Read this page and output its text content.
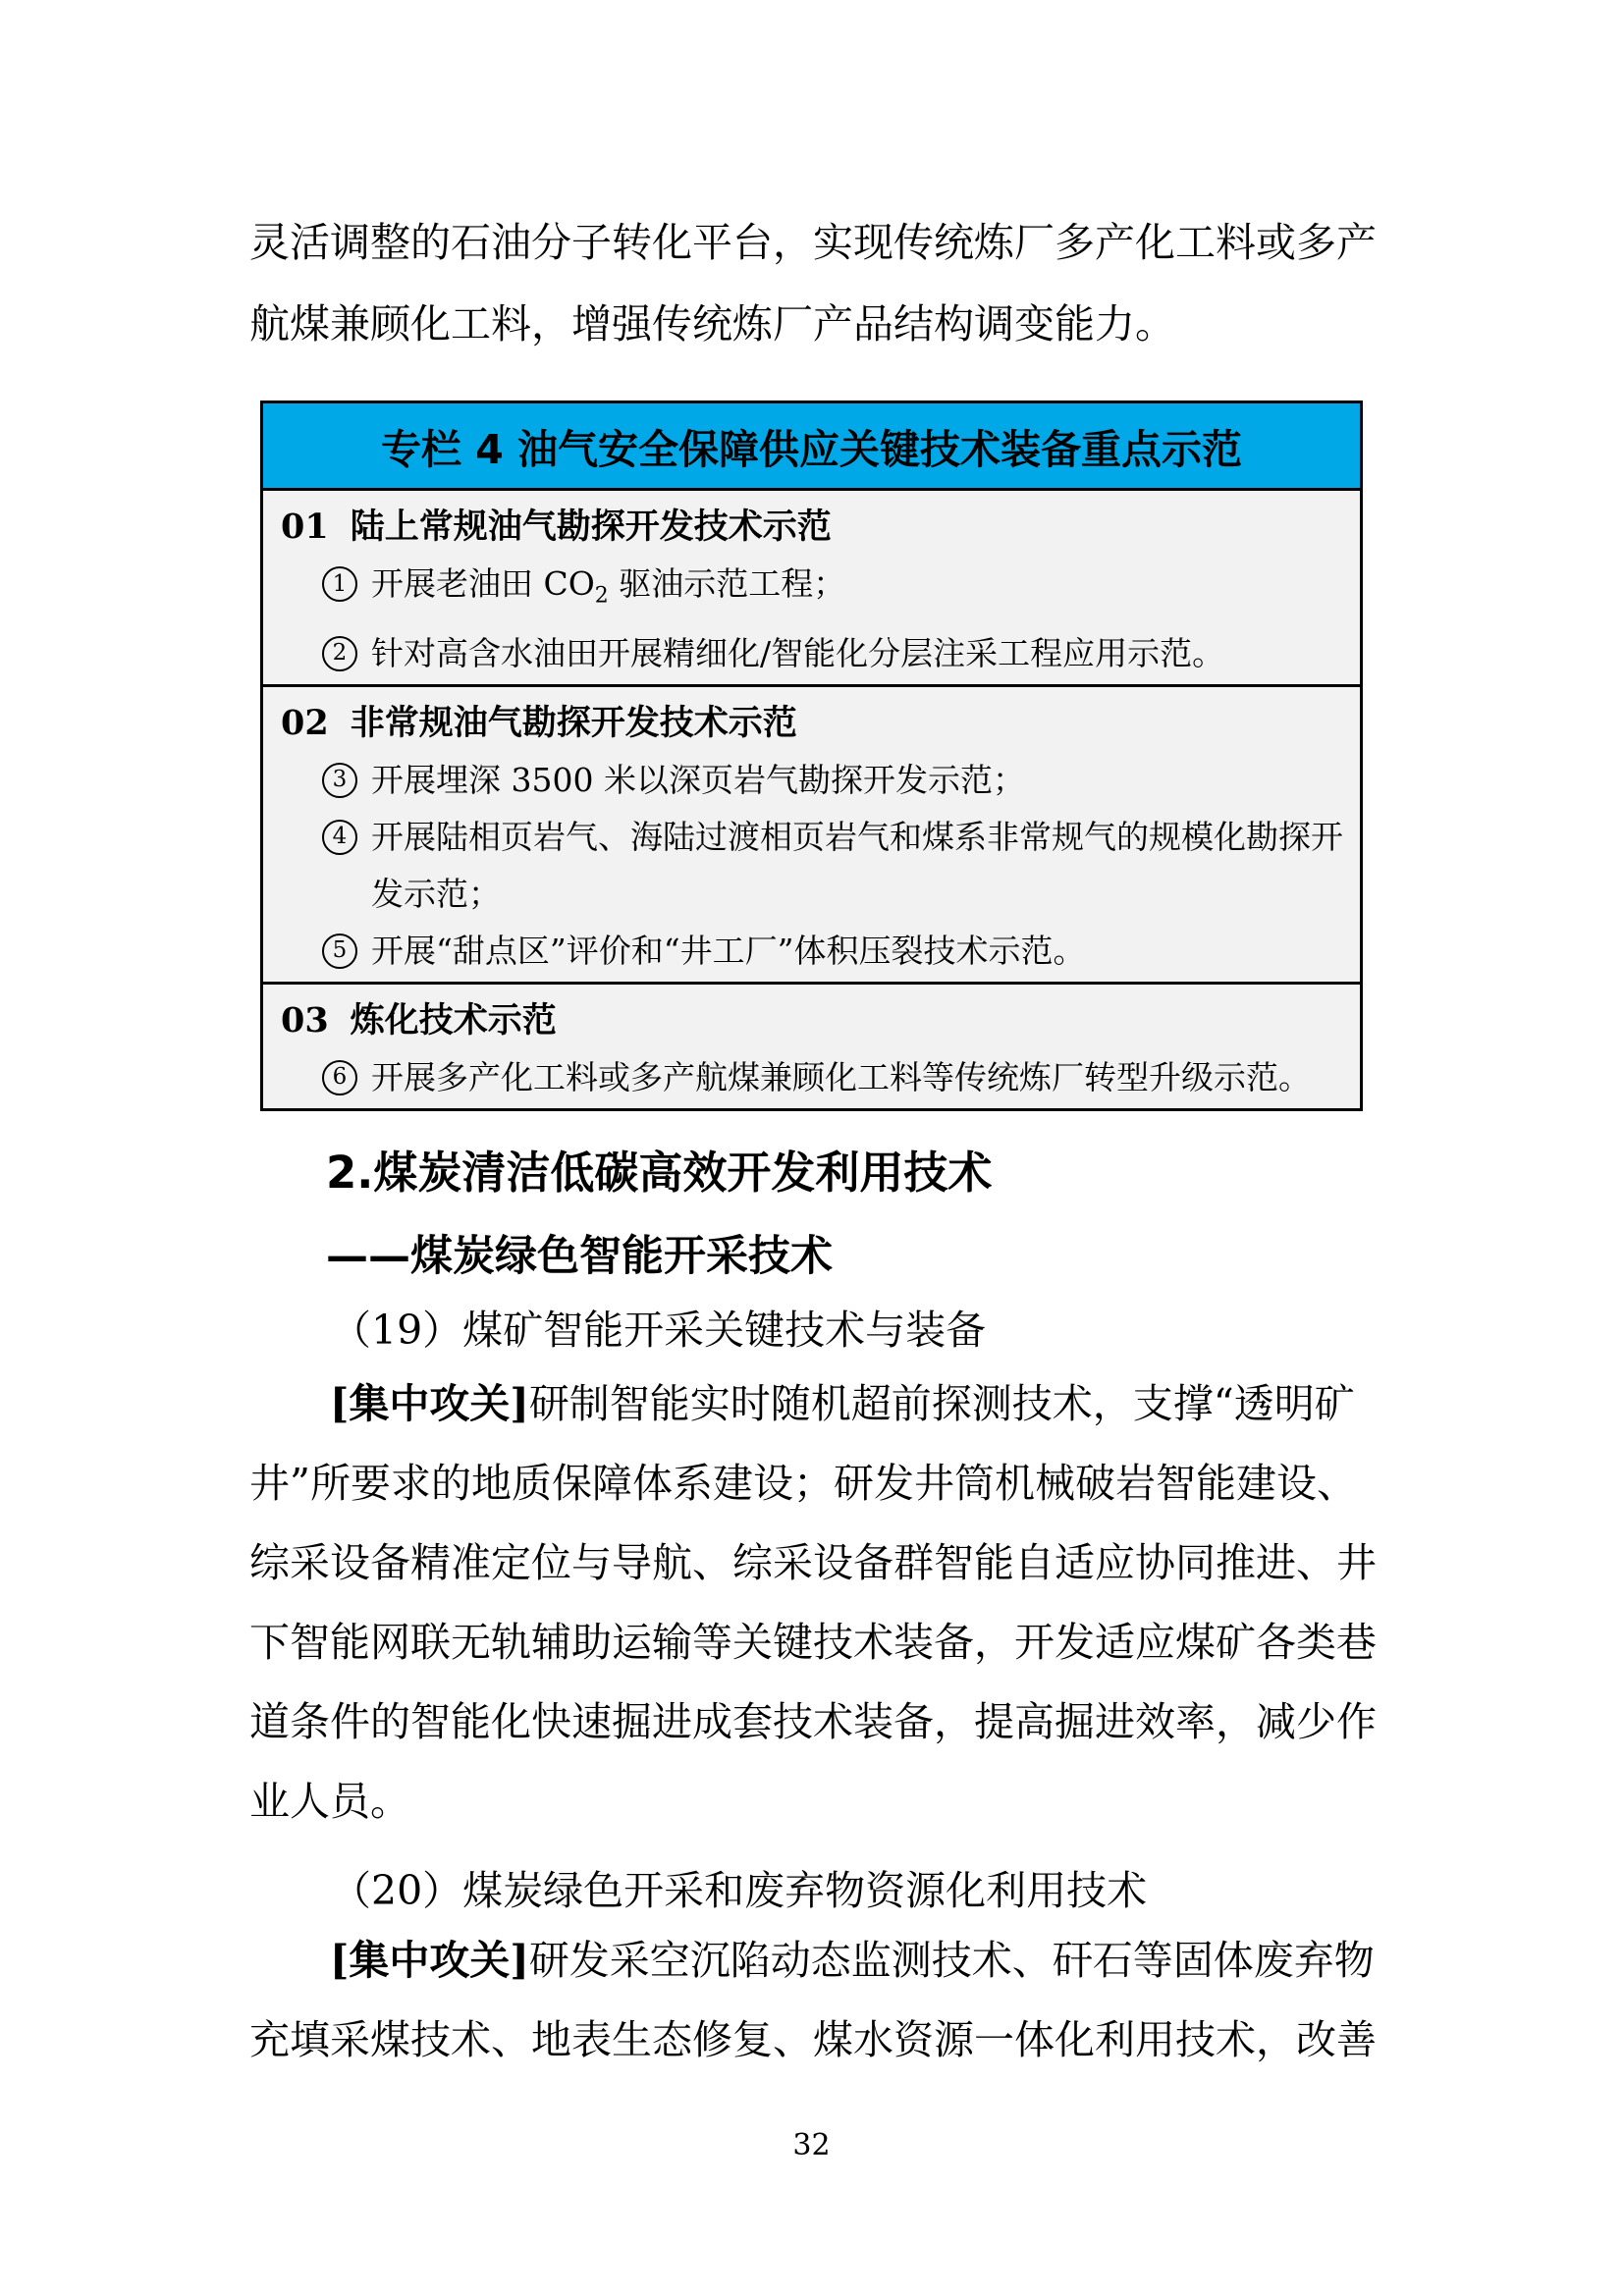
灵活调整的石油分子转化平台，实现传统炼厂多产化工料或多产
航煤兼顾化工料，增强传统炼厂产品结构调变能力。
专栏 4 油气安全保障供应关键技术装备重点示范
01 陆上常规油气勘探开发技术示范
1 开展老油田 $CO_2$ 驱油示范工程；
2 针对高含水油田开展精细化/智能化分层注采工程应用示范。
02 非常规油气勘探开发技术示范
3 开展埋深 3500 米以深页岩气勘探开发示范；
4 开展陆相页岩气、海陆过渡相页岩气和煤系非常规气的规模化勘探开
发示范；
5 开展“甜点区”评价和“井工厂”体积压裂技术示范。
03 炼化技术示范
6 开展多产化工料或多产航煤兼顾化工料等传统炼厂转型升级示范。
2.煤炭清洁低碳高效开发利用技术
——煤炭绿色智能开采技术
（19）煤矿智能开采关键技术与装备
[集中攻关]研制智能实时随机超前探测技术，支撑“透明矿
井”所要求的地质保障体系建设；研发井筒机械破岩智能建设、
综采设备精准定位与导航、综采设备群智能自适应协同推进、井
下智能网联无轨辅助运输等关键技术装备，开发适应煤矿各类巷
道条件的智能化快速掘进成套技术装备，提高掘进效率，减少作
业人员。
（20）煤炭绿色开采和废弃物资源化利用技术
[集中攻关]研发采空沉陷动态监测技术、矸石等固体废弃物
充填采煤技术、地表生态修复、煤水资源一体化利用技术，改善
32
